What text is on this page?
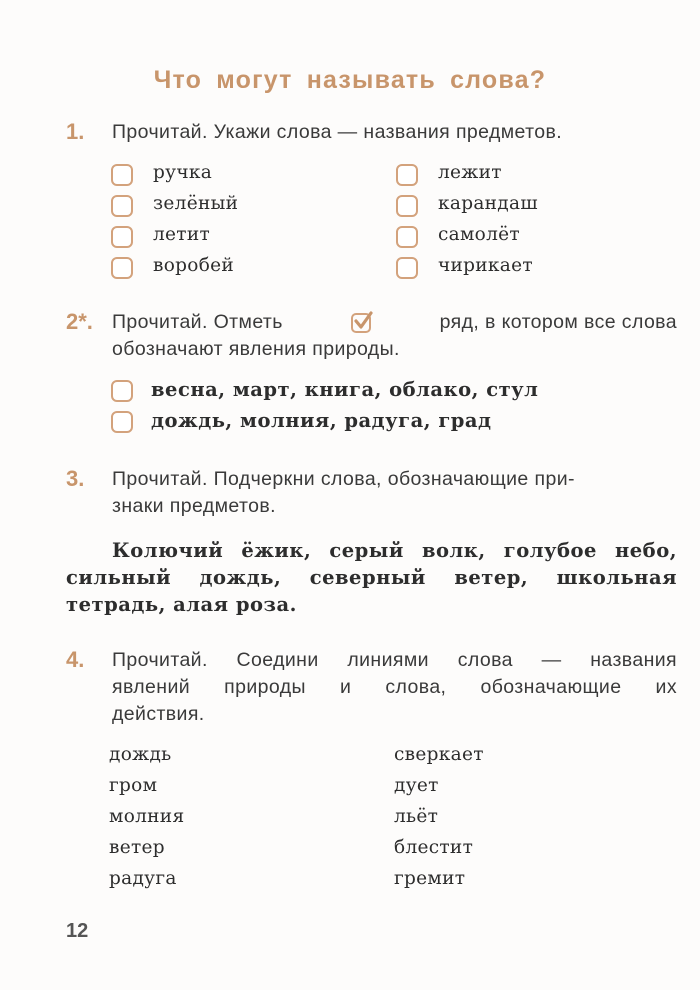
Что могут называть слова?
1. Прочитай. Укажи слова — названия предметов.
ручка
зелёный
летит
воробей
лежит
карандаш
самолёт
чирикает
2*. Прочитай. Отметь	ряд, в котором все слова
обозначают явления природы.
весна, март, книга, облако, стул
дождь, молния, радуга, град
3. Прочитай. Подчеркни слова, обозначающие при-
знаки предметов.
Колючий ёжик, серый волк, голубое небо,
сильный дождь, северный ветер, школьная
тетрадь, алая роза.
4. Прочитай. Соедини линиями слова — названия
явлений природы и слова, обозначающие их
действия.
дождь
гром
молния
ветер
радуга
сверкает
дует
льёт
блестит
гремит
12
